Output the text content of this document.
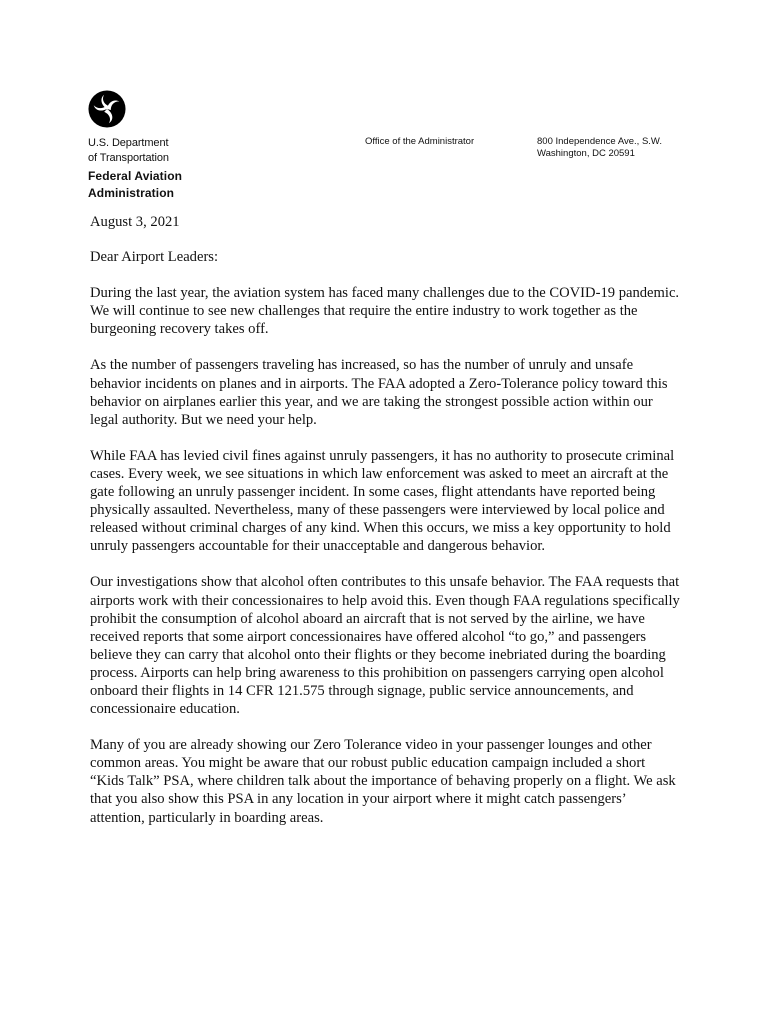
U.S. Department
of Transportation
Federal Aviation
Administration
Office of the Administrator	800 Independence Ave., S.W.
Washington, DC 20591

August 3, 2021

Dear Airport Leaders:

During the last year, the aviation system has faced many challenges due to the COVID-19 pandemic. We will continue to see new challenges that require the entire industry to work together as the burgeoning recovery takes off.

As the number of passengers traveling has increased, so has the number of unruly and unsafe behavior incidents on planes and in airports. The FAA adopted a Zero-Tolerance policy toward this behavior on airplanes earlier this year, and we are taking the strongest possible action within our legal authority. But we need your help.

While FAA has levied civil fines against unruly passengers, it has no authority to prosecute criminal cases. Every week, we see situations in which law enforcement was asked to meet an aircraft at the gate following an unruly passenger incident. In some cases, flight attendants have reported being physically assaulted. Nevertheless, many of these passengers were interviewed by local police and released without criminal charges of any kind. When this occurs, we miss a key opportunity to hold unruly passengers accountable for their unacceptable and dangerous behavior.

Our investigations show that alcohol often contributes to this unsafe behavior. The FAA requests that airports work with their concessionaires to help avoid this. Even though FAA regulations specifically prohibit the consumption of alcohol aboard an aircraft that is not served by the airline, we have received reports that some airport concessionaires have offered alcohol “to go,” and passengers believe they can carry that alcohol onto their flights or they become inebriated during the boarding process. Airports can help bring awareness to this prohibition on passengers carrying open alcohol onboard their flights in 14 CFR 121.575 through signage, public service announcements, and concessionaire education.

Many of you are already showing our Zero Tolerance video in your passenger lounges and other common areas. You might be aware that our robust public education campaign included a short “Kids Talk” PSA, where children talk about the importance of behaving properly on a flight. We ask that you also show this PSA in any location in your airport where it might catch passengers’ attention, particularly in boarding areas.
